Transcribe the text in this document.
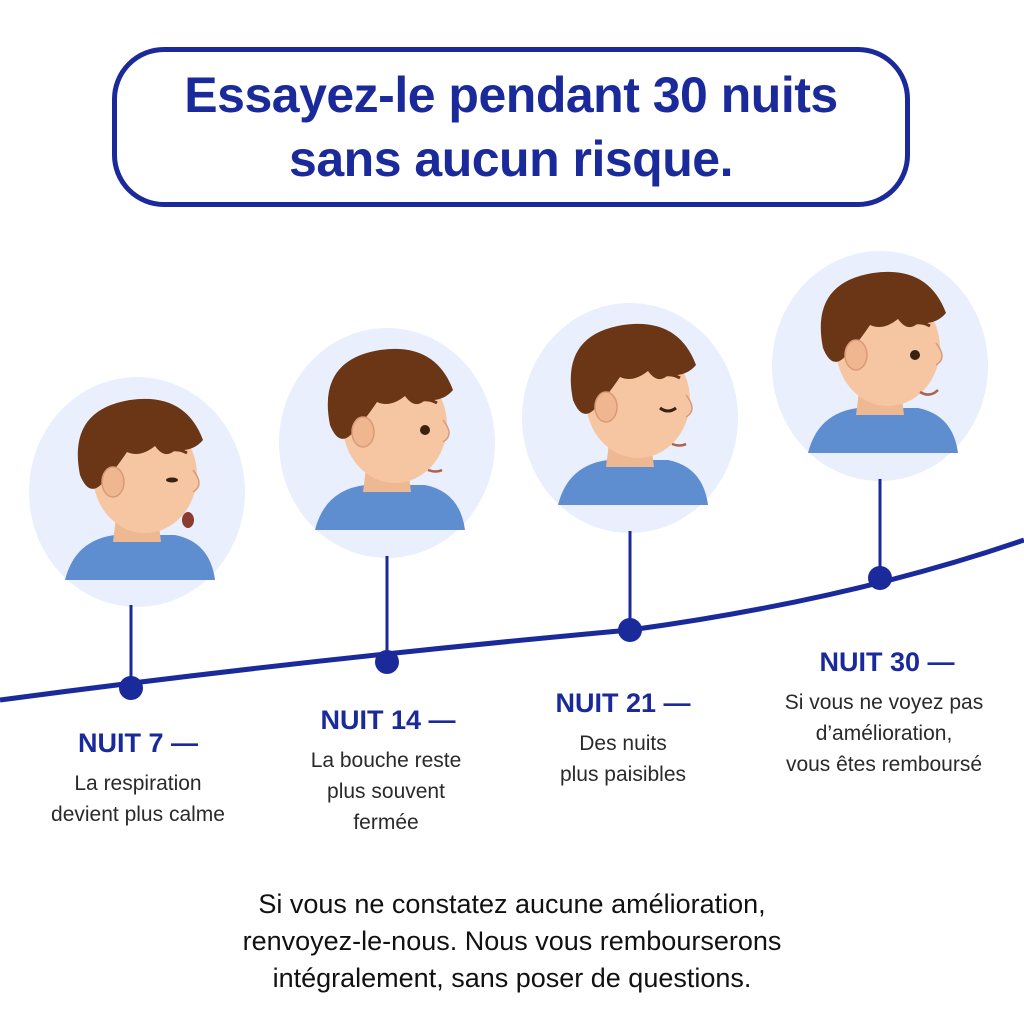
Essayez-le pendant 30 nuits
sans aucun risque.
NUIT 7 —
La respiration
devient plus calme
NUIT 14 —
La bouche reste
plus souvent
fermée
NUIT 21 —
Des nuits
plus paisibles
NUIT 30 —
Si vous ne voyez pas
d’amélioration,
vous êtes remboursé
Si vous ne constatez aucune amélioration,
renvoyez-le-nous. Nous vous rembourserons
intégralement, sans poser de questions.
